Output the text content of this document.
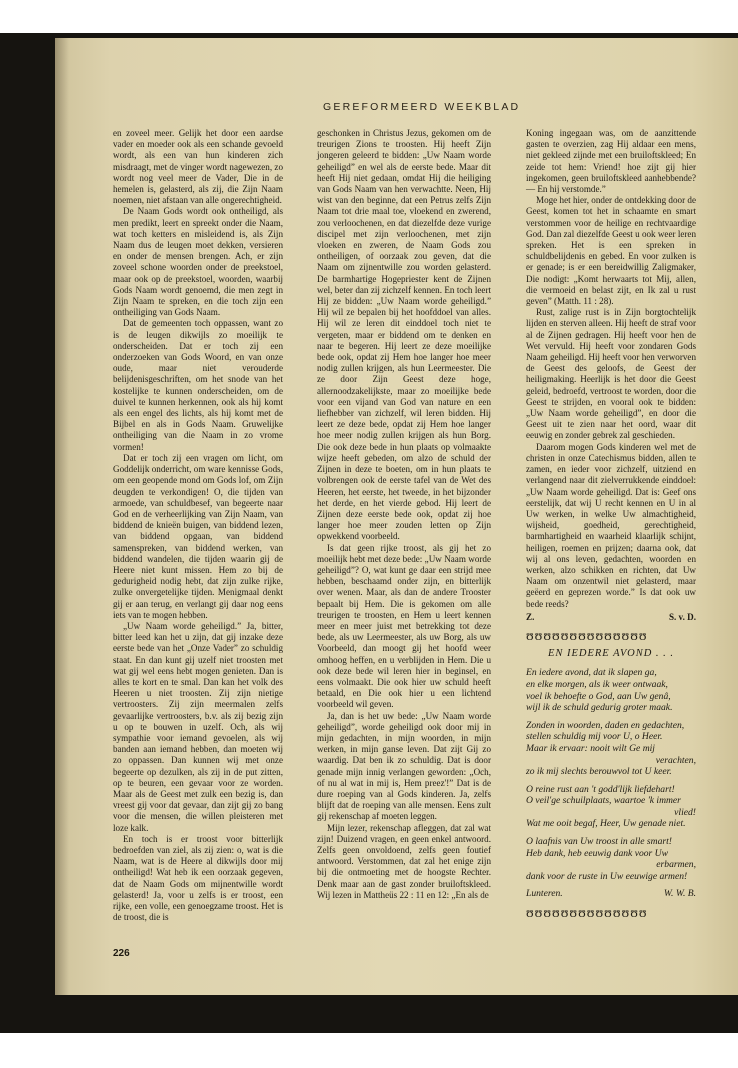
GEREFORMEERD WEEKBLAD

en zoveel meer. Gelijk het door een aardse vader en moeder ook als een schande gevoeld wordt, als een van hun kinderen zich misdraagt, met de vinger wordt nagewezen, zo wordt nog veel meer de Vader, Die in de hemelen is, gelasterd, als zij, die Zijn Naam noemen, niet afstaan van alle ongerechtigheid.

De Naam Gods wordt ook ontheiligd, als men predikt, leert en spreekt onder die Naam, wat toch ketters en misleidend is, als Zijn Naam dus de leugen moet dekken, versieren en onder de mensen brengen. Ach, er zijn zoveel schone woorden onder de preekstoel, maar ook op de preekstoel, woorden, waarbij Gods Naam wordt genoemd, die men zegt in Zijn Naam te spreken, en die toch zijn een ontheiliging van Gods Naam.

Dat de gemeenten toch oppassen, want zo is de leugen dikwijls zo moeilijk te onderscheiden. Dat er toch zij een onderzoeken van Gods Woord, en van onze oude, maar niet verouderde belijdenisgeschriften, om het snode van het kostelijke te kunnen onderscheiden, om de duivel te kunnen herkennen, ook als hij komt als een engel des lichts, als hij komt met de Bijbel en als in Gods Naam. Gruwelijke ontheiliging van die Naam in zo vrome vormen!

Dat er toch zij een vragen om licht, om Goddelijk onderricht, om ware kennisse Gods, om een geopende mond om Gods lof, om Zijn deugden te verkondigen! O, die tijden van armoede, van schuldbesef, van begeerte naar God en de verheerlijking van Zijn Naam, van biddend de knieën buigen, van biddend lezen, van biddend opgaan, van biddend samenspreken, van biddend werken, van biddend wandelen, die tijden waarin gij de Heere niet kunt missen. Hem zo bij de gedurigheid nodig hebt, dat zijn zulke rijke, zulke onvergetelijke tijden. Menigmaal denkt gij er aan terug, en verlangt gij daar nog eens iets van te mogen hebben.

„Uw Naam worde geheiligd.” Ja, bitter, bitter leed kan het u zijn, dat gij inzake deze eerste bede van het „Onze Vader” zo schuldig staat. En dan kunt gij uzelf niet troosten met wat gij wel eens hebt mogen genieten. Dan is alles te kort en te smal. Dan kan het volk des Heeren u niet troosten. Zij zijn nietige vertroosters. Zij zijn meermalen zelfs gevaarlijke vertroosters, b.v. als zij bezig zijn u op te bouwen in uzelf. Och, als wij sympathie voor iemand gevoelen, als wij banden aan iemand hebben, dan moeten wij zo oppassen. Dan kunnen wij met onze begeerte op dezulken, als zij in de put zitten, op te beuren, een gevaar voor ze worden. Maar als de Geest met zulk een bezig is, dan vreest gij voor dat gevaar, dan zijt gij zo bang voor die mensen, die willen pleisteren met loze kalk.

En toch is er troost voor bitterlijk bedroefden van ziel, als zij zien: o, wat is die Naam, wat is de Heere al dikwijls door mij ontheiligd! Wat heb ik een oorzaak gegeven, dat de Naam Gods om mijnentwille wordt gelasterd! Ja, voor u zelfs is er troost, een rijke, een volle, een genoegzame troost. Het is de troost, die is

geschonken in Christus Jezus, gekomen om de treurigen Zions te troosten. Hij heeft Zijn jongeren geleerd te bidden: „Uw Naam worde geheiligd” en wel als de eerste bede. Maar dit heeft Hij niet gedaan, omdat Hij die heiliging van Gods Naam van hen verwachtte. Neen, Hij wist van den beginne, dat een Petrus zelfs Zijn Naam tot drie maal toe, vloekend en zwerend, zou verloochenen, en dat diezelfde deze vurige discipel met zijn verloochenen, met zijn vloeken en zweren, de Naam Gods zou ontheiligen, of oorzaak zou geven, dat die Naam om zijnentwille zou worden gelasterd. De barmhartige Hogepriester kent de Zijnen wel, beter dan zij zichzelf kennen. En toch leert Hij ze bidden: „Uw Naam worde geheiligd.” Hij wil ze bepalen bij het hoofddoel van alles. Hij wil ze leren dit einddoel toch niet te vergeten, maar er biddend om te denken en naar te begeren. Hij leert ze deze moeilijke bede ook, opdat zij Hem hoe langer hoe meer nodig zullen krijgen, als hun Leermeester. Die ze door Zijn Geest deze hoge, allernoodzakelijkste, maar zo moeilijke bede voor een vijand van God van nature en een liefhebber van zichzelf, wil leren bidden. Hij leert ze deze bede, opdat zij Hem hoe langer hoe meer nodig zullen krijgen als hun Borg. Die ook deze bede in hun plaats op volmaakte wijze heeft gebeden, om alzo de schuld der Zijnen in deze te boeten, om in hun plaats te volbrengen ook de eerste tafel van de Wet des Heeren, het eerste, het tweede, in het bijzonder het derde, en het vierde gebod. Hij leert de Zijnen deze eerste bede ook, opdat zij hoe langer hoe meer zouden letten op Zijn opwekkend voorbeeld.

Is dat geen rijke troost, als gij het zo moeilijk hebt met deze bede: „Uw Naam worde geheiligd”? O, wat kunt ge daar een strijd mee hebben, beschaamd onder zijn, en bitterlijk over wenen. Maar, als dan de andere Trooster bepaalt bij Hem. Die is gekomen om alle treurigen te troosten, en Hem u leert kennen meer en meer juist met betrekking tot deze bede, als uw Leermeester, als uw Borg, als uw Voorbeeld, dan moogt gij het hoofd weer omhoog heffen, en u verblijden in Hem. Die u ook deze bede wil leren hier in beginsel, en eens volmaakt. Die ook hier uw schuld heeft betaald, en Die ook hier u een lichtend voorbeeld wil geven.

Ja, dan is het uw bede: „Uw Naam worde geheiligd”, worde geheiligd ook door mij in mijn gedachten, in mijn woorden, in mijn werken, in mijn ganse leven. Dat zijt Gij zo waardig. Dat ben ik zo schuldig. Dat is door genade mijn innig verlangen geworden: „Och, of nu al wat in mij is, Hem preez'!” Dat is de dure roeping van al Gods kinderen. Ja, zelfs blijft dat de roeping van alle mensen. Eens zult gij rekenschap af moeten leggen.

Mijn lezer, rekenschap afleggen, dat zal wat zijn! Duizend vragen, en geen enkel antwoord. Zelfs geen onvoldoend, zelfs geen foutief antwoord. Verstommen, dat zal het enige zijn bij die ontmoeting met de hoogste Rechter. Denk maar aan de gast zonder bruiloftskleed. Wij lezen in Mattheüs 22 : 11 en 12: „En als de

Koning ingegaan was, om de aanzittende gasten te overzien, zag Hij aldaar een mens, niet gekleed zijnde met een bruiloftskleed; En zeide tot hem: Vriend! hoe zijt gij hier ingekomen, geen bruiloftskleed aanhebbende? — En hij verstomde.”

Moge het hier, onder de ontdekking door de Geest, komen tot het in schaamte en smart verstommen voor de heilige en rechtvaardige God. Dan zal diezelfde Geest u ook weer leren spreken. Het is een spreken in schuldbelijdenis en gebed. En voor zulken is er genade; is er een bereidwillig Zaligmaker, Die nodigt: „Komt herwaarts tot Mij, allen, die vermoeid en belast zijt, en Ik zal u rust geven” (Matth. 11 : 28).

Rust, zalige rust is in Zijn borgtochtelijk lijden en sterven alleen. Hij heeft de straf voor al de Zijnen gedragen. Hij heeft voor hen de Wet vervuld. Hij heeft voor zondaren Gods Naam geheiligd. Hij heeft voor hen verworven de Geest des geloofs, de Geest der heiligmaking. Heerlijk is het door die Geest geleid, bedroefd, vertroost te worden, door die Geest te strijden, en vooral ook te bidden: „Uw Naam worde geheiligd”, en door die Geest uit te zien naar het oord, waar dit eeuwig en zonder gebrek zal geschieden.

Daarom mogen Gods kinderen wel met de christen in onze Catechismus bidden, allen te zamen, en ieder voor zichzelf, uitziend en verlangend naar dit zielverrukkende einddoel: „Uw Naam worde geheiligd. Dat is: Geef ons eerstelijk, dat wij U recht kennen en U in al Uw werken, in welke Uw almachtigheid, wijsheid, goedheid, gerechtigheid, barmhartigheid en waarheid klaarlijk schijnt, heiligen, roemen en prijzen; daarna ook, dat wij al ons leven, gedachten, woorden en werken, alzo schikken en richten, dat Uw Naam om onzentwil niet gelasterd, maar geëerd en geprezen worde.” Is dat ook uw bede reeds?

Z.	S. v. D.
ʊʊʊʊʊʊʊʊʊʊʊʊʊʊ
EN IEDERE AVOND . . .
En iedere avond, dat ik slapen ga,
en elke morgen, als ik weer ontwaak,
voel ik behoefte o God, aan Uw genâ,
wijl ik de schuld gedurig groter maak.
Zonden in woorden, daden en gedachten,
stellen schuldig mij voor U, o Heer.
Maar ik ervaar: nooit wilt Ge mij
verachten,
zo ik mij slechts berouwvol tot U keer.
O reine rust aan 't godd'lijk liefdehart!
O veil'ge schuilplaats, waartoe 'k immer
vlied!
Wat me ooit begaf, Heer, Uw genade niet.
O laafnis van Uw troost in alle smart!
Heb dank, heb eeuwig dank voor Uw
erbarmen,
dank voor de ruste in Uw eeuwige armen!
Lunteren.	W. W. B.
ʊʊʊʊʊʊʊʊʊʊʊʊʊʊ
226
